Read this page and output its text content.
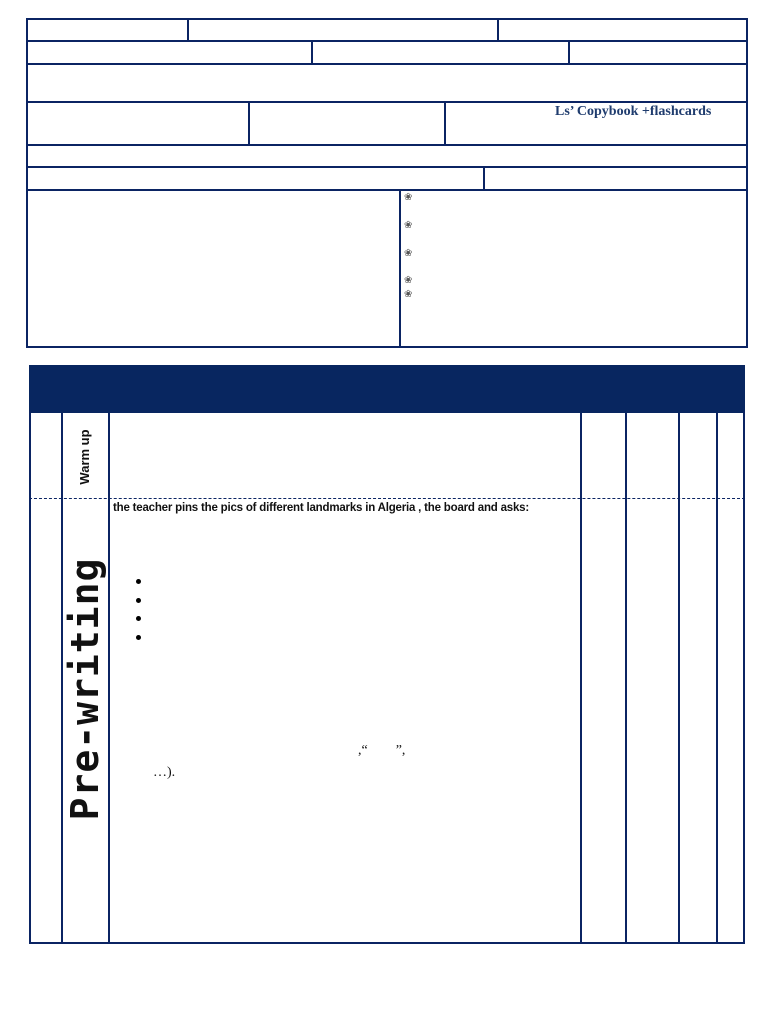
Ls’ Copybook +flashcards
❀
❀
❀
❀
❀
Warm up
Pre-writing
the teacher pins the pics of different landmarks in Algeria , the board and asks:
,“        ”,
…).
